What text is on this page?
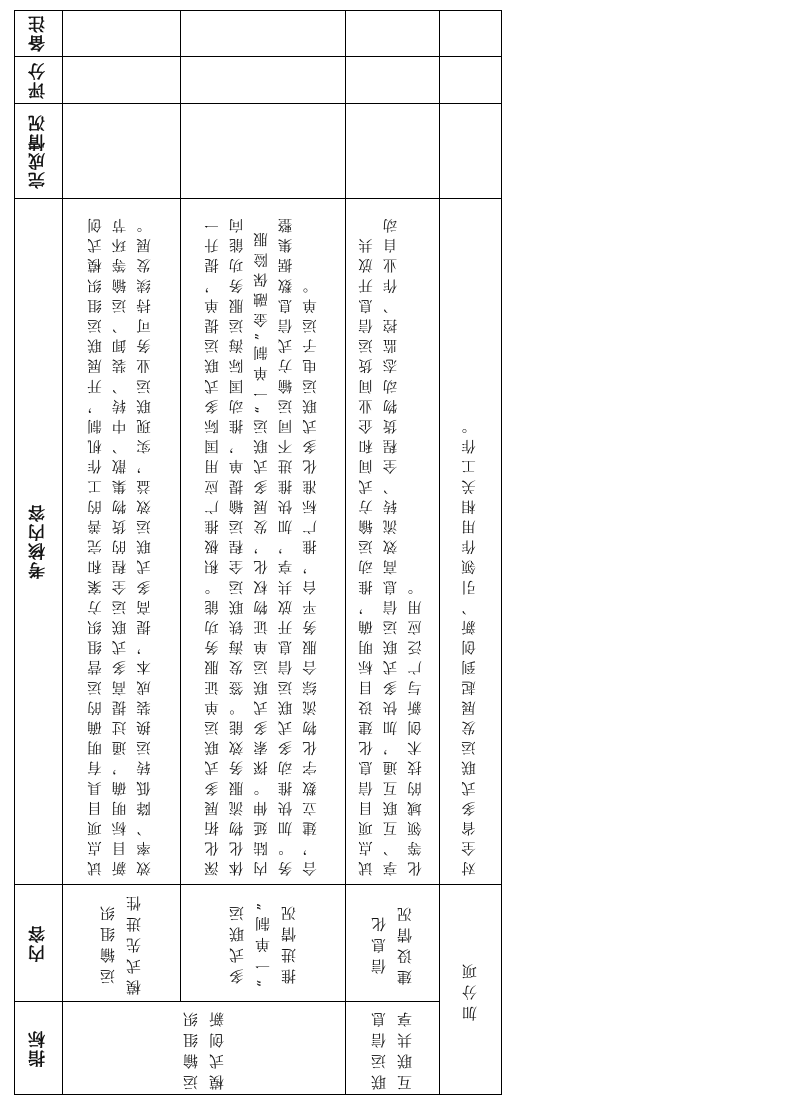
备注
评分
完成情况
考核内容
内容
指标
试点项目具有明确的运营组织方案和完善的工作机制，开展联运组织模式创新目标明确，通过提高多式联运全程的货物集散、中转、装卸、运输等环节效率、降低转运换装成本，提高多式联运效益，实现联运业务可持续发展。
运输组织
模式先进性
深化拓展多式联运单证服务功能。积极推广应用国际多式联运提单，提升一体化物流服务效能。签发海铁联运全程运输提单，推动国际海运服务功能向内陆延伸。探索多式联运单证物权化，发展多式联运“一单制”金融保险服务。加快推动多式联运信息开放共享，加快推进不同运输方式信息数据集整合，建立数字化物流综合服务平台，推广标准化多式联运电子运单。
多式联运
“一单制”
推进情况
运输组织
模式创新
试点项目信息化建设目标明确，推动运输方式间和企业间货运信息开放共享、互联互通，加快多式联运信息高效流转、全程货物动态监控、作业自动化等领域的技术创新与广泛应用。
信息化
建设情况
联运信息
互联共享
对全省多式联运发展起到创新、引领作用相关工作。
加分项
